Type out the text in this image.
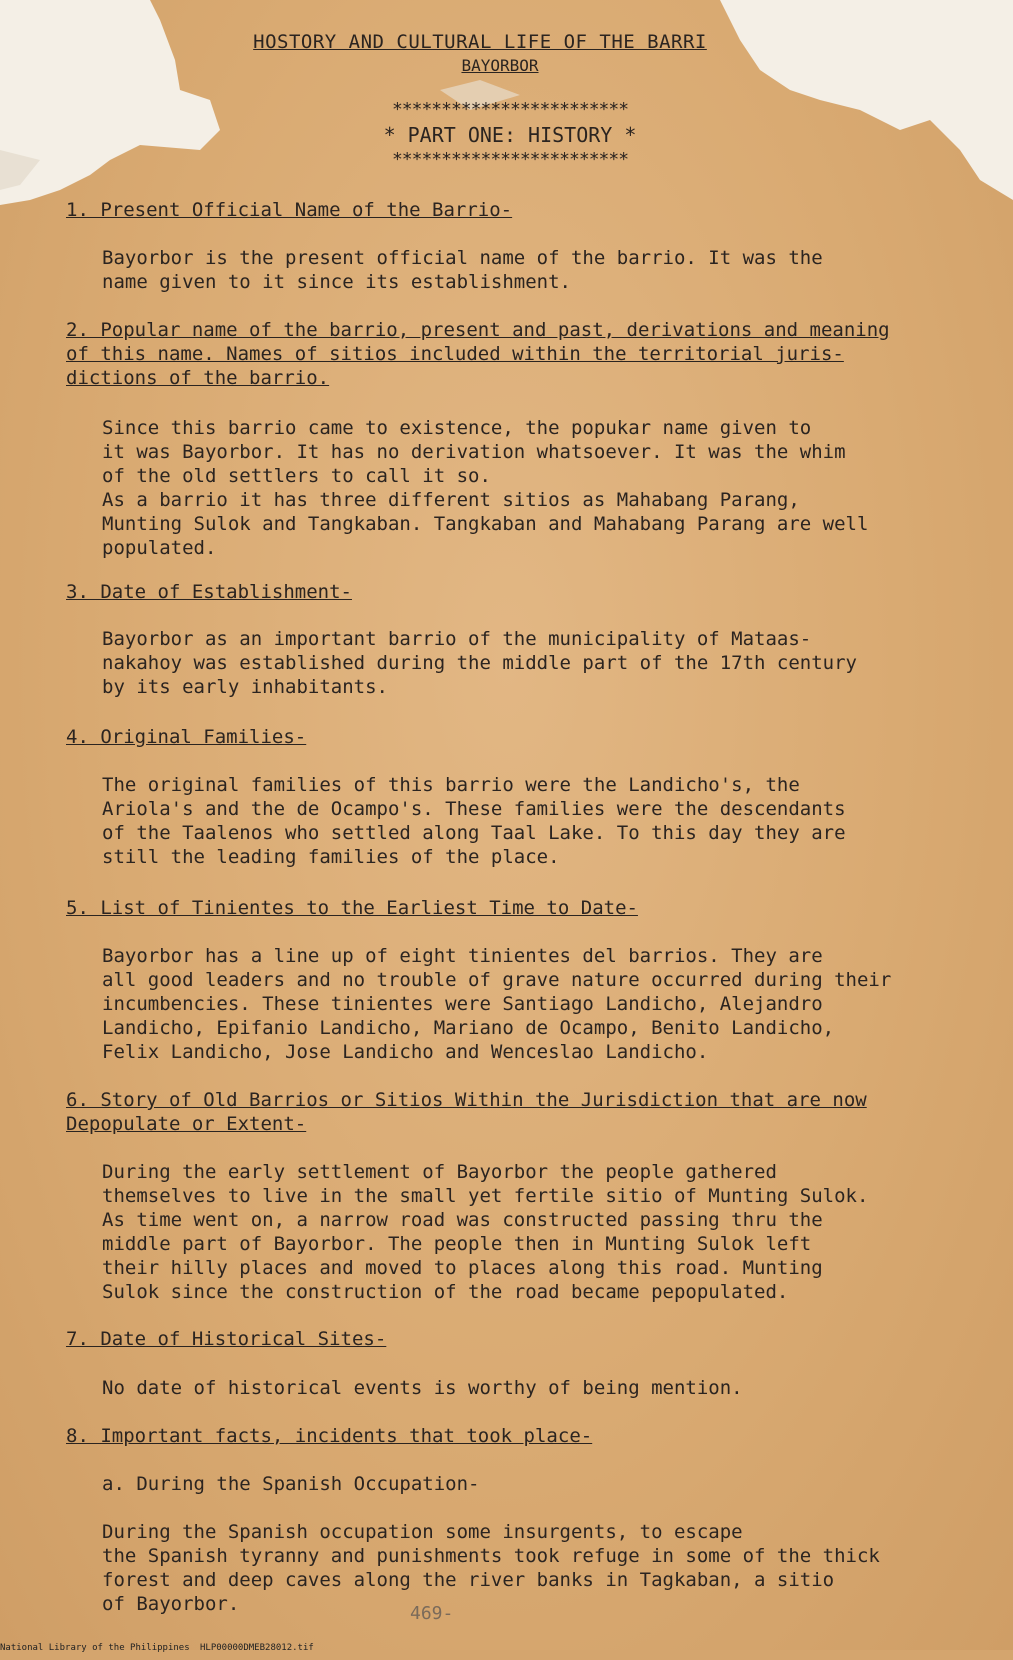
HOSTORY AND CULTURAL LIFE OF THE BARRI
BAYORBOR
************************
* PART ONE: HISTORY *
************************
1. Present Official Name of the Barrio-
Bayorbor is the present official name of the barrio. It was the
name given to it since its establishment.
2. Popular name of the barrio, present and past, derivations and meaning
of this name. Names of sitios included within the territorial juris-
dictions of the barrio.
Since this barrio came to existence, the popukar name given to
it was Bayorbor. It has no derivation whatsoever. It was the whim
of the old settlers to call it so.
As a barrio it has three different sitios as Mahabang Parang,
Munting Sulok and Tangkaban. Tangkaban and Mahabang Parang are well
populated.
3. Date of Establishment-
Bayorbor as an important barrio of the municipality of Mataas-
nakahoy was established during the middle part of the 17th century
by its early inhabitants.
4. Original Families-
The original families of this barrio were the Landicho's, the
Ariola's and the de Ocampo's. These families were the descendants
of the Taalenos who settled along Taal Lake. To this day they are
still the leading families of the place.
5. List of Tinientes to the Earliest Time to Date-
Bayorbor has a line up of eight tinientes del barrios. They are
all good leaders and no trouble of grave nature occurred during their
incumbencies. These tinientes were Santiago Landicho, Alejandro
Landicho, Epifanio Landicho, Mariano de Ocampo, Benito Landicho,
Felix Landicho, Jose Landicho and Wenceslao Landicho.
6. Story of Old Barrios or Sitios Within the Jurisdiction that are now
Depopulate or Extent-
During the early settlement of Bayorbor the people gathered
themselves to live in the small yet fertile sitio of Munting Sulok.
As time went on, a narrow road was constructed passing thru the
middle part of Bayorbor. The people then in Munting Sulok left
their hilly places and moved to places along this road. Munting
Sulok since the construction of the road became pepopulated.
7. Date of Historical Sites-
No date of historical events is worthy of being mention.
8. Important facts, incidents that took place-
a. During the Spanish Occupation-
During the Spanish occupation some insurgents, to escape
the Spanish tyranny and punishments took refuge in some of the thick
forest and deep caves along the river banks in Tagkaban, a sitio
of Bayorbor.	469-
National Library of the Philippines HLP00000DMEB28012.tif
